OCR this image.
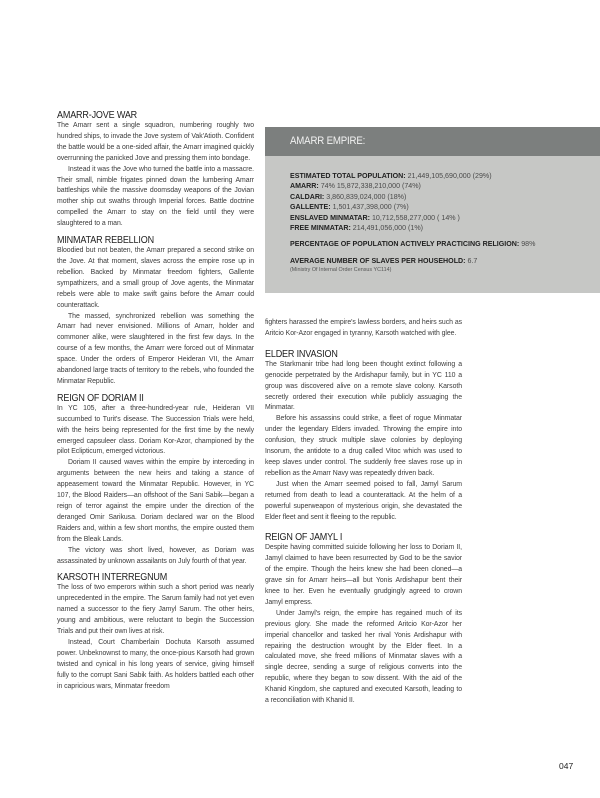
AMARR-JOVE WAR

The Amarr sent a single squadron, numbering roughly two hundred ships, to invade the Jove system of Vak'Atioth. Confident the battle would be a one-sided affair, the Amarr imagined quickly overrunning the panicked Jove and pressing them into bondage.

Instead it was the Jove who turned the battle into a massacre. Their small, nimble frigates pinned down the lumbering Amarr battleships while the massive doomsday weapons of the Jovian mother ship cut swaths through Imperial forces. Battle doctrine compelled the Amarr to stay on the field until they were slaughtered to a man.

MINMATAR REBELLION

Bloodied but not beaten, the Amarr prepared a second strike on the Jove. At that moment, slaves across the empire rose up in rebellion. Backed by Minmatar freedom fighters, Gallente sympathizers, and a small group of Jove agents, the Minmatar rebels were able to make swift gains before the Amarr could counterattack.

The massed, synchronized rebellion was something the Amarr had never envisioned. Millions of Amarr, holder and commoner alike, were slaughtered in the first few days. In the course of a few months, the Amarr were forced out of Minmatar space. Under the orders of Emperor Heideran VII, the Amarr abandoned large tracts of territory to the rebels, who founded the Minmatar Republic.

REIGN OF DORIAM II

In YC 105, after a three-hundred-year rule, Heideran VII succumbed to Turit's disease. The Succession Trials were held, with the heirs being represented for the first time by the newly emerged capsuleer class. Doriam Kor-Azor, championed by the pilot Eclipticum, emerged victorious.

Doriam II caused waves within the empire by interceding in arguments between the new heirs and taking a stance of appeasement toward the Minmatar Republic. However, in YC 107, the Blood Raiders—an offshoot of the Sani Sabik—began a reign of terror against the empire under the direction of the deranged Omir Sarikusa. Doriam declared war on the Blood Raiders and, within a few short months, the empire ousted them from the Bleak Lands.

The victory was short lived, however, as Doriam was assassinated by unknown assailants on July fourth of that year.

KARSOTH INTERREGNUM

The loss of two emperors within such a short period was nearly unprecedented in the empire. The Sarum family had not yet even named a successor to the fiery Jamyl Sarum. The other heirs, young and ambitious, were reluctant to begin the Succession Trials and put their own lives at risk.

Instead, Court Chamberlain Dochuta Karsoth assumed power. Unbeknownst to many, the once-pious Karsoth had grown twisted and cynical in his long years of service, giving himself fully to the corrupt Sani Sabik faith. As holders battled each other in capricious wars, Minmatar freedom

AMARR EMPIRE:
ESTIMATED TOTAL POPULATION: 21,449,105,690,000 (29%)
AMARR: 74% 15,872,338,210,000 (74%)
CALDARI: 3,860,839,024,000 (18%)
GALLENTE: 1,501,437,398,000 (7%)
ENSLAVED MINMATAR: 10,712,558,277,000 ( 14% )
FREE MINMATAR: 214,491,056,000 (1%)
PERCENTAGE OF POPULATION ACTIVELY PRACTICING RELIGION: 98%
AVERAGE NUMBER OF SLAVES PER HOUSEHOLD: 6.7
(Ministry Of Internal Order Census YC114)

fighters harassed the empire's lawless borders, and heirs such as Aritcio Kor-Azor engaged in tyranny, Karsoth watched with glee.

ELDER INVASION

The Starkmanir tribe had long been thought extinct following a genocide perpetrated by the Ardishapur family, but in YC 110 a group was discovered alive on a remote slave colony. Karsoth secretly ordered their execution while publicly assuaging the Minmatar.

Before his assassins could strike, a fleet of rogue Minmatar under the legendary Elders invaded. Throwing the empire into confusion, they struck multiple slave colonies by deploying Insorum, the antidote to a drug called Vitoc which was used to keep slaves under control. The suddenly free slaves rose up in rebellion as the Amarr Navy was repeatedly driven back.

Just when the Amarr seemed poised to fall, Jamyl Sarum returned from death to lead a counterattack. At the helm of a powerful superweapon of mysterious origin, she devastated the Elder fleet and sent it fleeing to the republic.

REIGN OF JAMYL I

Despite having committed suicide following her loss to Doriam II, Jamyl claimed to have been resurrected by God to be the savior of the empire. Though the heirs knew she had been cloned—a grave sin for Amarr heirs—all but Yonis Ardishapur bent their knee to her. Even he eventually grudgingly agreed to crown Jamyl empress.

Under Jamyl's reign, the empire has regained much of its previous glory. She made the reformed Aritcio Kor-Azor her imperial chancellor and tasked her rival Yonis Ardishapur with repairing the destruction wrought by the Elder fleet. In a calculated move, she freed millions of Minmatar slaves with a single decree, sending a surge of religious converts into the republic, where they began to sow dissent. With the aid of the Khanid Kingdom, she captured and executed Karsoth, leading to a reconciliation with Khanid II.

047
